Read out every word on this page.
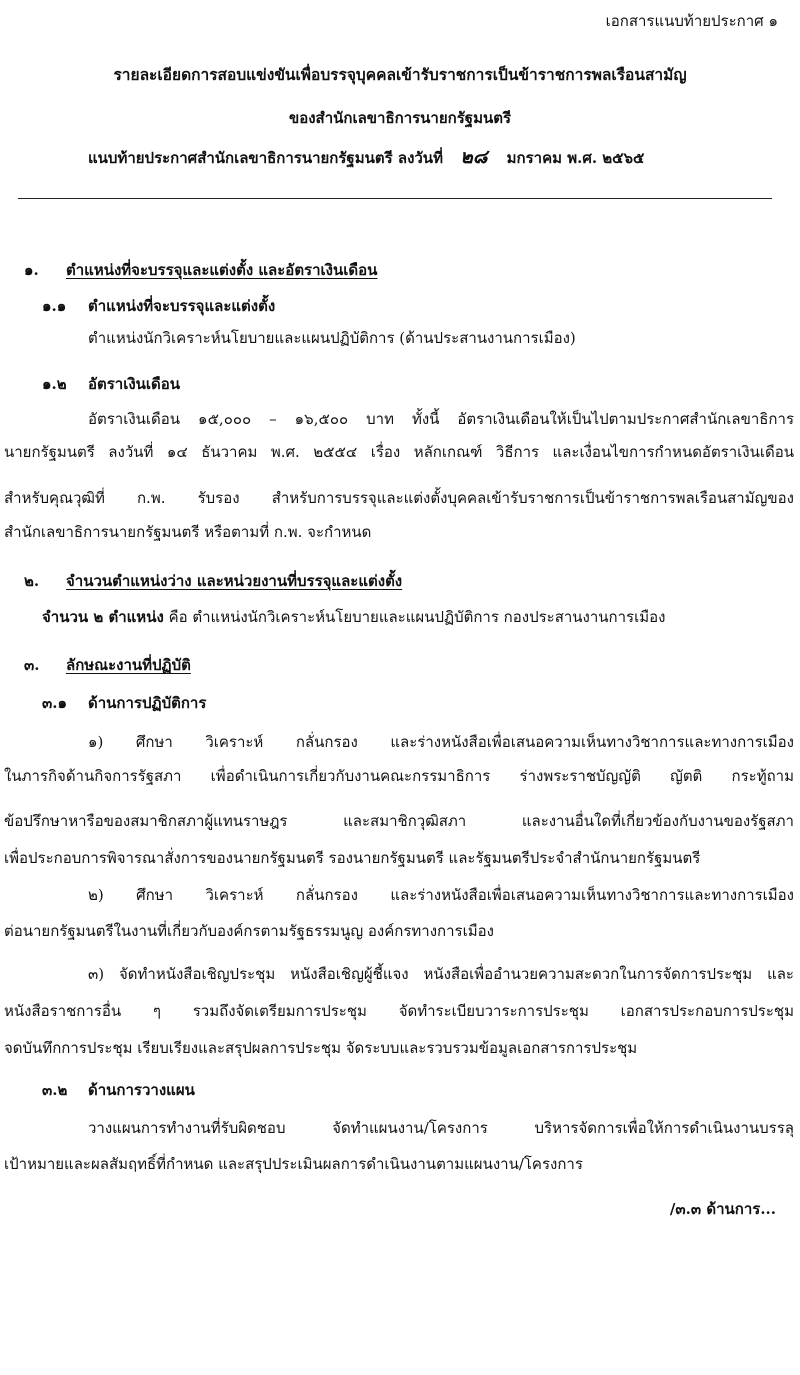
เอกสารแนบท้ายประกาศ ๑
รายละเอียดการสอบแข่งขันเพื่อบรรจุบุคคลเข้ารับราชการเป็นข้าราชการพลเรือนสามัญ
ของสำนักเลขาธิการนายกรัฐมนตรี
แนบท้ายประกาศสำนักเลขาธิการนายกรัฐมนตรี ลงวันที่ ๒๘ มกราคม พ.ศ. ๒๕๖๕
๑. ตำแหน่งที่จะบรรจุและแต่งตั้ง และอัตราเงินเดือน
๑.๑ ตำแหน่งที่จะบรรจุและแต่งตั้ง
ตำแหน่งนักวิเคราะห์นโยบายและแผนปฏิบัติการ (ด้านประสานงานการเมือง)
๑.๒ อัตราเงินเดือน
อัตราเงินเดือน ๑๕,๐๐๐ – ๑๖,๕๐๐ บาท ทั้งนี้ อัตราเงินเดือนให้เป็นไปตามประกาศสำนักเลขาธิการ
นายกรัฐมนตรี ลงวันที่ ๑๔ ธันวาคม พ.ศ. ๒๕๕๔ เรื่อง หลักเกณฑ์ วิธีการ และเงื่อนไขการกำหนดอัตราเงินเดือน
สำหรับคุณวุฒิที่ ก.พ. รับรอง สำหรับการบรรจุและแต่งตั้งบุคคลเข้ารับราชการเป็นข้าราชการพลเรือนสามัญของ
สำนักเลขาธิการนายกรัฐมนตรี หรือตามที่ ก.พ. จะกำหนด
๒. จำนวนตำแหน่งว่าง และหน่วยงานที่บรรจุและแต่งตั้ง
จำนวน ๒ ตำแหน่ง คือ ตำแหน่งนักวิเคราะห์นโยบายและแผนปฏิบัติการ กองประสานงานการเมือง
๓. ลักษณะงานที่ปฏิบัติ
๓.๑ ด้านการปฏิบัติการ
๑) ศึกษา วิเคราะห์ กลั่นกรอง และร่างหนังสือเพื่อเสนอความเห็นทางวิชาการและทางการเมือง
ในภารกิจด้านกิจการรัฐสภา เพื่อดำเนินการเกี่ยวกับงานคณะกรรมาธิการ ร่างพระราชบัญญัติ ญัตติ กระทู้ถาม
ข้อปรึกษาหารือของสมาชิกสภาผู้แทนราษฎร และสมาชิกวุฒิสภา และงานอื่นใดที่เกี่ยวข้องกับงานของรัฐสภา
เพื่อประกอบการพิจารณาสั่งการของนายกรัฐมนตรี รองนายกรัฐมนตรี และรัฐมนตรีประจำสำนักนายกรัฐมนตรี
๒) ศึกษา วิเคราะห์ กลั่นกรอง และร่างหนังสือเพื่อเสนอความเห็นทางวิชาการและทางการเมือง
ต่อนายกรัฐมนตรีในงานที่เกี่ยวกับองค์กรตามรัฐธรรมนูญ องค์กรทางการเมือง
๓) จัดทำหนังสือเชิญประชุม หนังสือเชิญผู้ชี้แจง หนังสือเพื่ออำนวยความสะดวกในการจัดการประชุม และ
หนังสือราชการอื่น ๆ รวมถึงจัดเตรียมการประชุม จัดทำระเบียบวาระการประชุม เอกสารประกอบการประชุม
จดบันทึกการประชุม เรียบเรียงและสรุปผลการประชุม จัดระบบและรวบรวมข้อมูลเอกสารการประชุม
๓.๒ ด้านการวางแผน
วางแผนการทำงานที่รับผิดชอบ จัดทำแผนงาน/โครงการ บริหารจัดการเพื่อให้การดำเนินงานบรรลุ
เป้าหมายและผลสัมฤทธิ์ที่กำหนด และสรุปประเมินผลการดำเนินงานตามแผนงาน/โครงการ
/๓.๓ ด้านการ...
